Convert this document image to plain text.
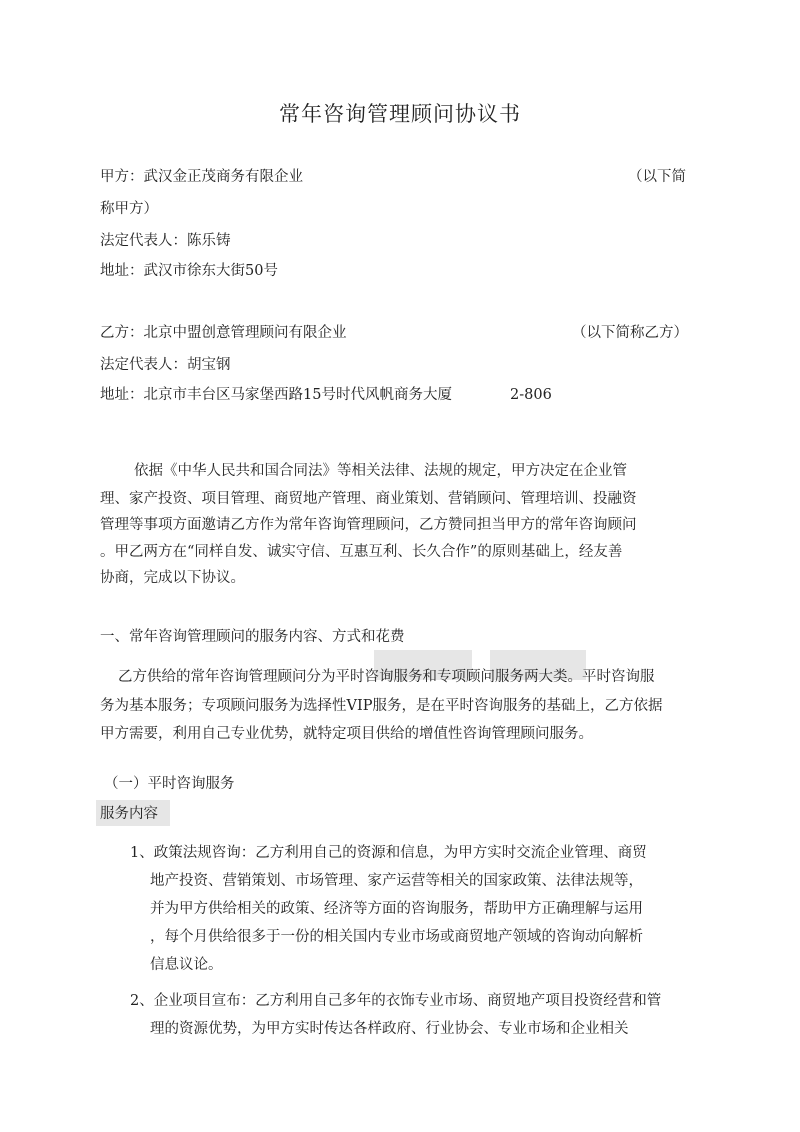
常年咨询管理顾问协议书
甲方：武汉金正茂商务有限企业	（以下简
称甲方）
法定代表人：陈乐铸
地址：武汉市徐东大街50号
乙方：北京中盟创意管理顾问有限企业	（以下简称乙方）
法定代表人：胡宝钢
地址：北京市丰台区马家堡西路15号时代风帆商务大厦	2-806
依据《中华人民共和国合同法》等相关法律、法规的规定，甲方决定在企业管
理、家产投资、项目管理、商贸地产管理、商业策划、营销顾问、管理培训、投融资
管理等事项方面邀请乙方作为常年咨询管理顾问，乙方赞同担当甲方的常年咨询顾问
。甲乙两方在“同样自发、诚实守信、互惠互利、长久合作”的原则基础上，经友善
协商，完成以下协议。
一、常年咨询管理顾问的服务内容、方式和花费
乙方供给的常年咨询管理顾问分为平时咨询服务和专项顾问服务两大类。平时咨询服
务为基本服务；专项顾问服务为选择性VIP服务，是在平时咨询服务的基础上，乙方依据
甲方需要，利用自己专业优势，就特定项目供给的增值性咨询管理顾问服务。
（一）平时咨询服务
服务内容
1、政策法规咨询：乙方利用自己的资源和信息，为甲方实时交流企业管理、商贸
地产投资、营销策划、市场管理、家产运营等相关的国家政策、法律法规等，
并为甲方供给相关的政策、经济等方面的咨询服务，帮助甲方正确理解与运用
，每个月供给很多于一份的相关国内专业市场或商贸地产领域的咨询动向解析
信息议论。
2、企业项目宣布：乙方利用自己多年的衣饰专业市场、商贸地产项目投资经营和管
理的资源优势，为甲方实时传达各样政府、行业协会、专业市场和企业相关
